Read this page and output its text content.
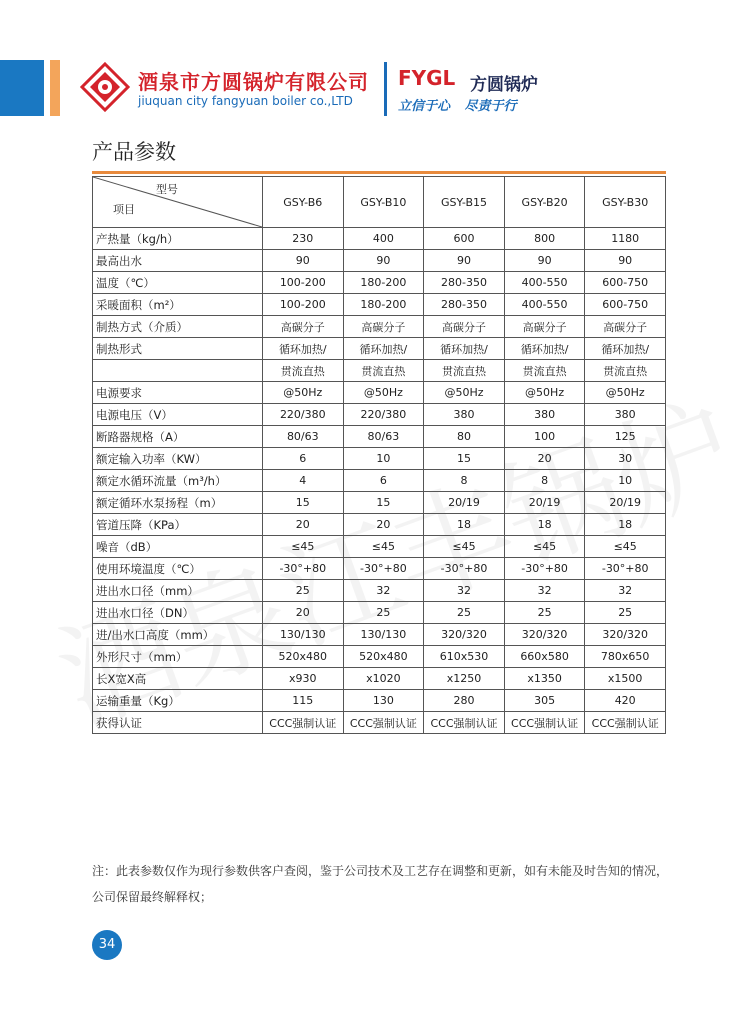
酒泉市方圆锅炉有限公司
jiuquan city fangyuan boiler co.,LTD
FYGL 方圆锅炉
立信于心 尽责于行
产品参数
型号
项目	GSY-B6	GSY-B10	GSY-B15	GSY-B20	GSY-B30
产热量（kg/h）	230	400	600	800	1180
最高出水	90	90	90	90	90
温度（℃）	100-200	180-200	280-350	400-550	600-750
采暖面积（m²）	100-200	180-200	280-350	400-550	600-750
制热方式（介质）	高碳分子	高碳分子	高碳分子	高碳分子	高碳分子
制热形式	循环加热/	循环加热/	循环加热/	循环加热/	循环加热/
	贯流直热	贯流直热	贯流直热	贯流直热	贯流直热
电源要求	@50Hz	@50Hz	@50Hz	@50Hz	@50Hz
电源电压（V）	220/380	220/380	380	380	380
断路器规格（A）	80/63	80/63	80	100	125
额定输入功率（KW）	6	10	15	20	30
额定水循环流量（m³/h）	4	6	8	8	10
额定循环水泵扬程（m）	15	15	20/19	20/19	20/19
管道压降（KPa）	20	20	18	18	18
噪音（dB）	≤45	≤45	≤45	≤45	≤45
使用环境温度（℃）	-30°+80	-30°+80	-30°+80	-30°+80	-30°+80
进出水口径（mm）	25	32	32	32	32
进出水口径（DN）	20	25	25	25	25
进/出水口高度（mm）	130/130	130/130	320/320	320/320	320/320
外形尺寸（mm）	520x480	520x480	610x530	660x580	780x650
长X宽X高	x930	x1020	x1250	x1350	x1500
运输重量（Kg）	115	130	280	305	420
获得认证	CCC强制认证	CCC强制认证	CCC强制认证	CCC强制认证	CCC强制认证
注：此表参数仅作为现行参数供客户查阅，鉴于公司技术及工艺存在调整和更新，如有未能及时告知的情况，公司保留最终解释权；
34
